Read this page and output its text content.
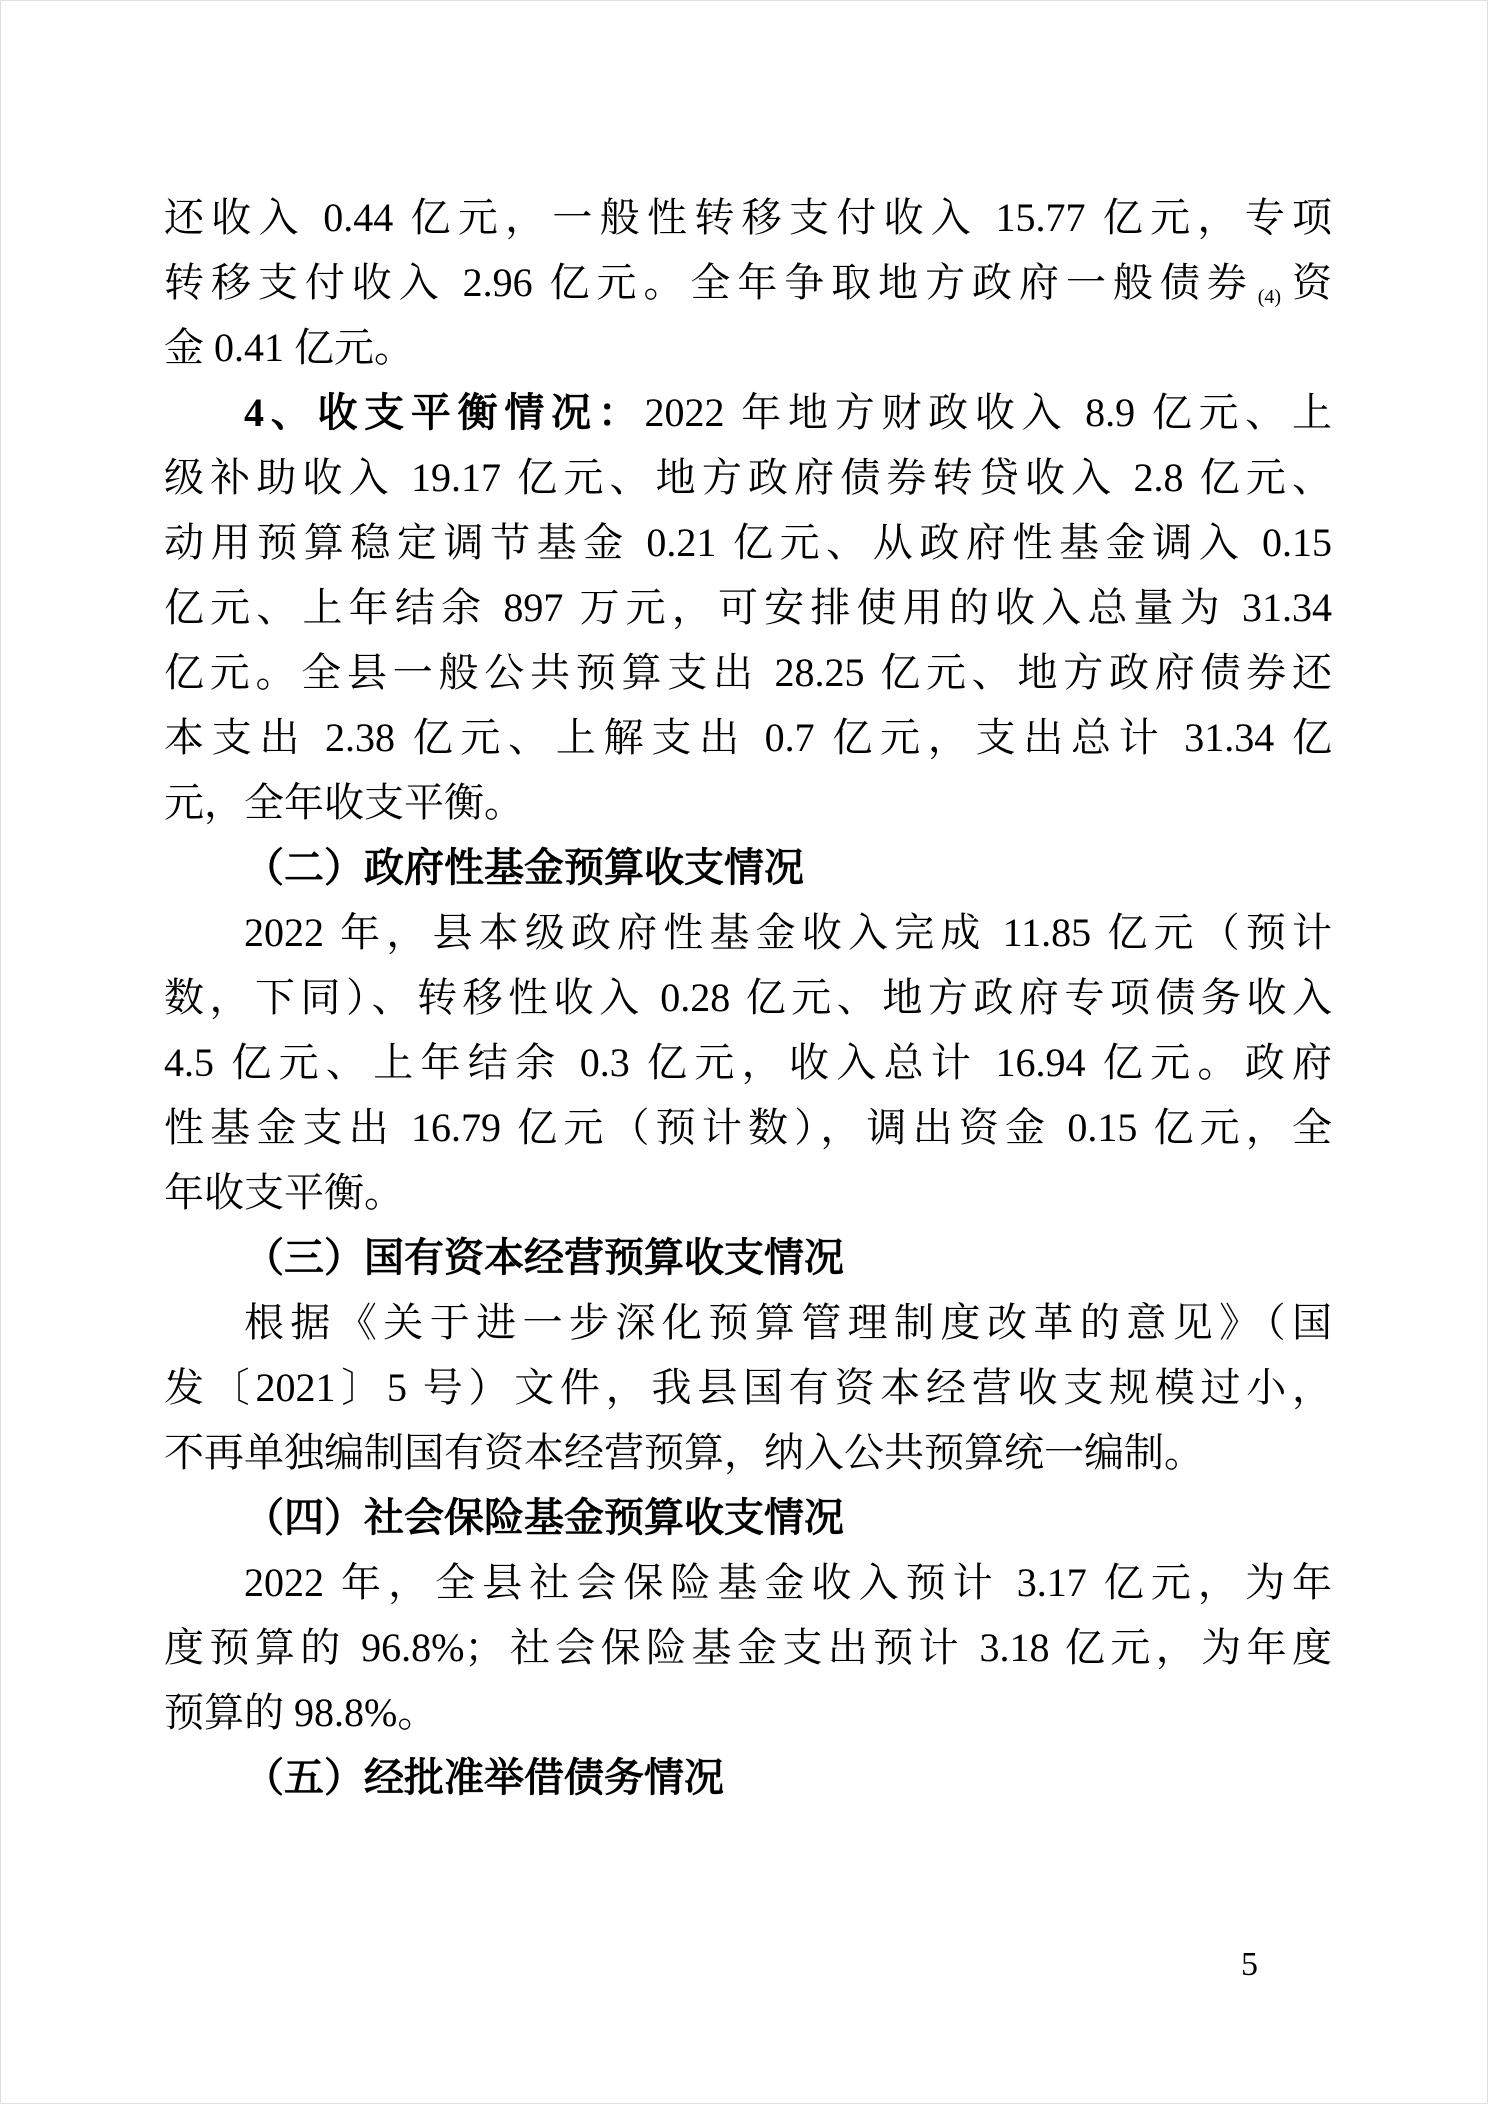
还收入 0.44 亿元，一般性转移支付收入 15.77 亿元，专项
转移支付收入 2.96 亿元。全年争取地方政府一般债券 $_{(4)}$ 资
金 0.41 亿元。
4、收支平衡情况：2022 年地方财政收入 8.9 亿元、上
级补助收入 19.17 亿元、地方政府债券转贷收入 2.8 亿元、
动用预算稳定调节基金 0.21 亿元、从政府性基金调入 0.15
亿元、上年结余 897 万元，可安排使用的收入总量为 31.34
亿元。全县一般公共预算支出 28.25 亿元、地方政府债券还
本支出 2.38 亿元、上解支出 0.7 亿元，支出总计 31.34 亿
元，全年收支平衡。
（二）政府性基金预算收支情况
2022 年，县本级政府性基金收入完成 11.85 亿元（预计
数，下同）、转移性收入 0.28 亿元、地方政府专项债务收入
4.5 亿元、上年结余 0.3 亿元，收入总计 16.94 亿元。政府
性基金支出 16.79 亿元（预计数），调出资金 0.15 亿元，全
年收支平衡。
（三）国有资本经营预算收支情况
根据《关于进一步深化预算管理制度改革的意见》（国
发〔2021〕5 号）文件，我县国有资本经营收支规模过小，
不再单独编制国有资本经营预算，纳入公共预算统一编制。
（四）社会保险基金预算收支情况
2022 年，全县社会保险基金收入预计 3.17 亿元，为年
度预算的 96.8%；社会保险基金支出预计 3.18 亿元，为年度
预算的 98.8%。
（五）经批准举借债务情况
5
